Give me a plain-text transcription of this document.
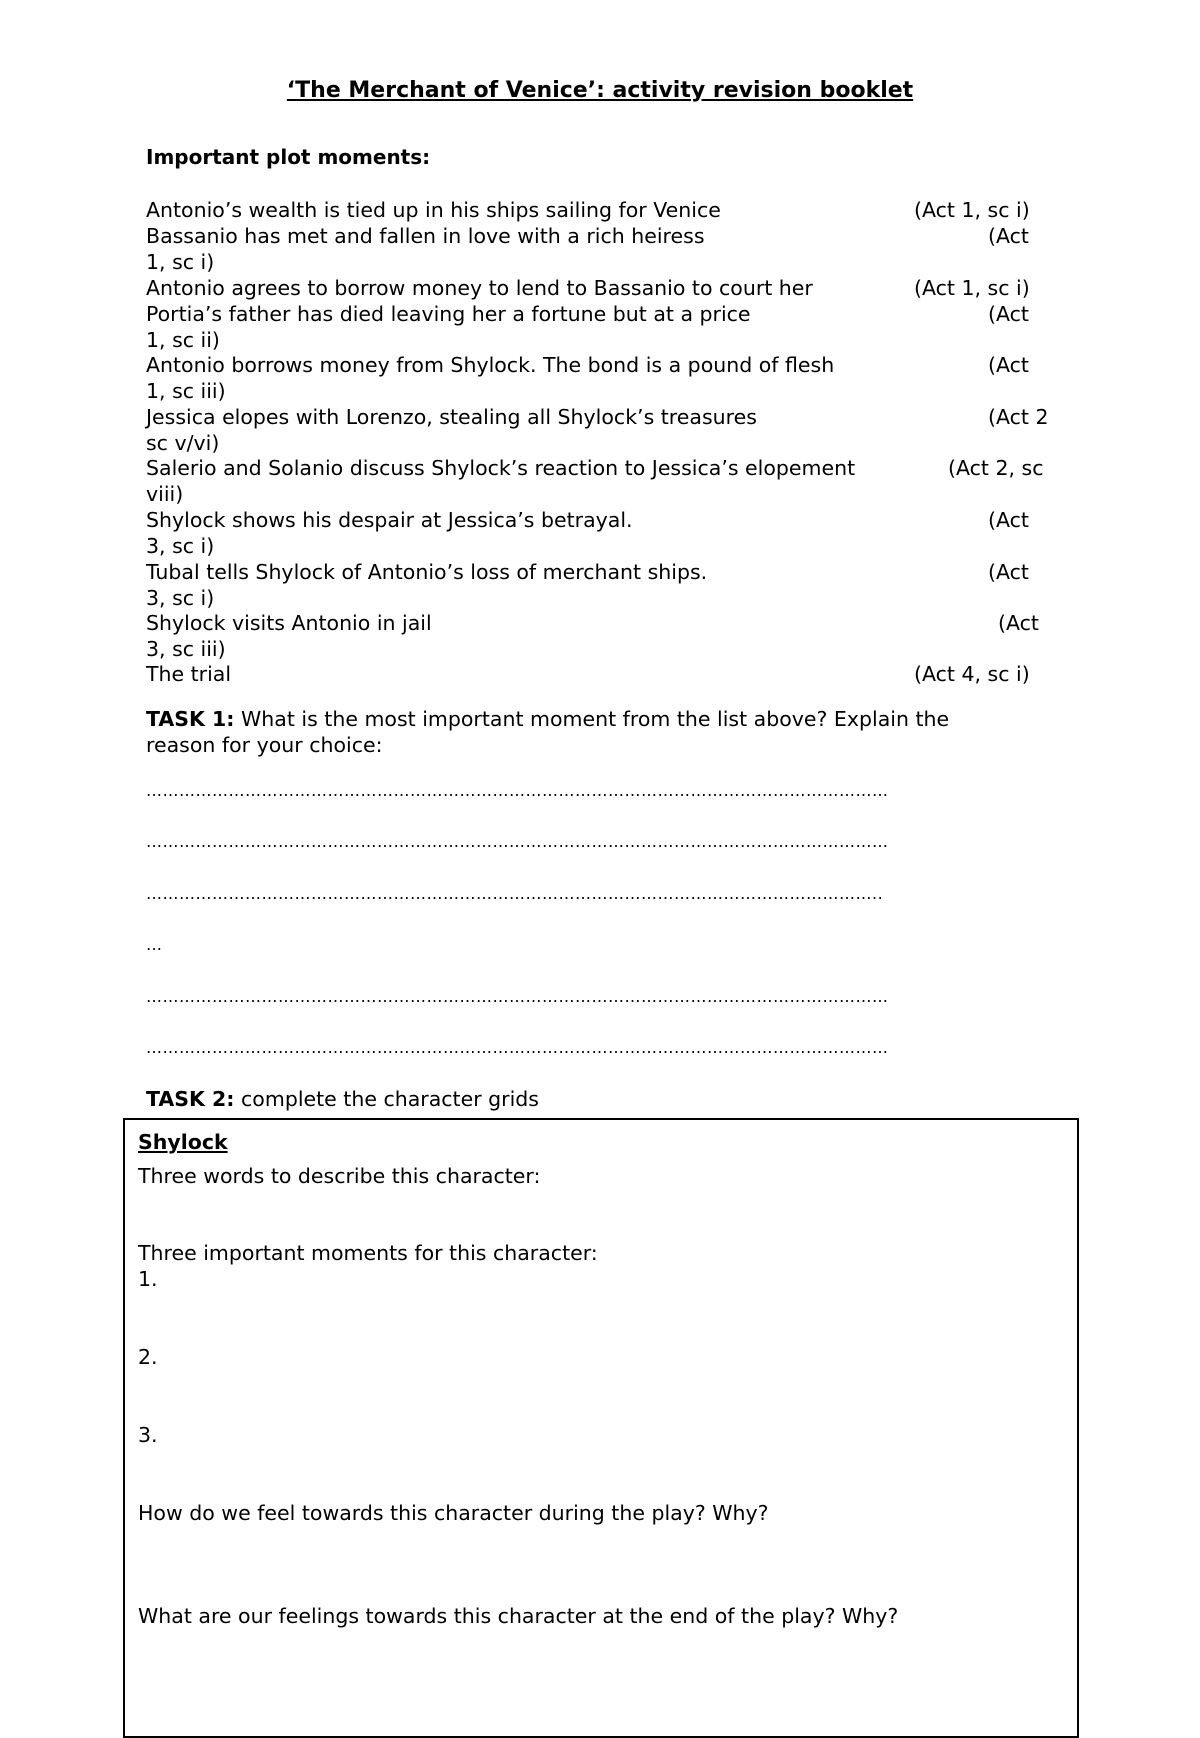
‘The Merchant of Venice’: activity revision booklet
Important plot moments:
Antonio’s wealth is tied up in his ships sailing for Venice	(Act 1, sc i)
Bassanio has met and fallen in love with a rich heiress	(Act
1, sc i)
Antonio agrees to borrow money to lend to Bassanio to court her	(Act 1, sc i)
Portia’s father has died leaving her a fortune but at a price	(Act
1, sc ii)
Antonio borrows money from Shylock. The bond is a pound of flesh	(Act
1, sc iii)
Jessica elopes with Lorenzo, stealing all Shylock’s treasures	(Act 2
sc v/vi)
Salerio and Solanio discuss Shylock’s reaction to Jessica’s elopement	(Act 2, sc
viii)
Shylock shows his despair at Jessica’s betrayal.	(Act
3, sc i)
Tubal tells Shylock of Antonio’s loss of merchant ships.	(Act
3, sc i)
Shylock visits Antonio in jail	(Act
3, sc iii)
The trial	(Act 4, sc i)
TASK 1: What is the most important moment from the list above? Explain the
reason for your choice:
………………………………………………………………………………………………………………………
………………………………………………………………………………………………………………………
……………………………………………………………………………………………………………………..
…
………………………………………………………………………………………………………………………
………………………………………………………………………………………………………………………
TASK 2: complete the character grids
Shylock
Three words to describe this character:
Three important moments for this character:
1.
2.
3.
How do we feel towards this character during the play? Why?
What are our feelings towards this character at the end of the play? Why?
